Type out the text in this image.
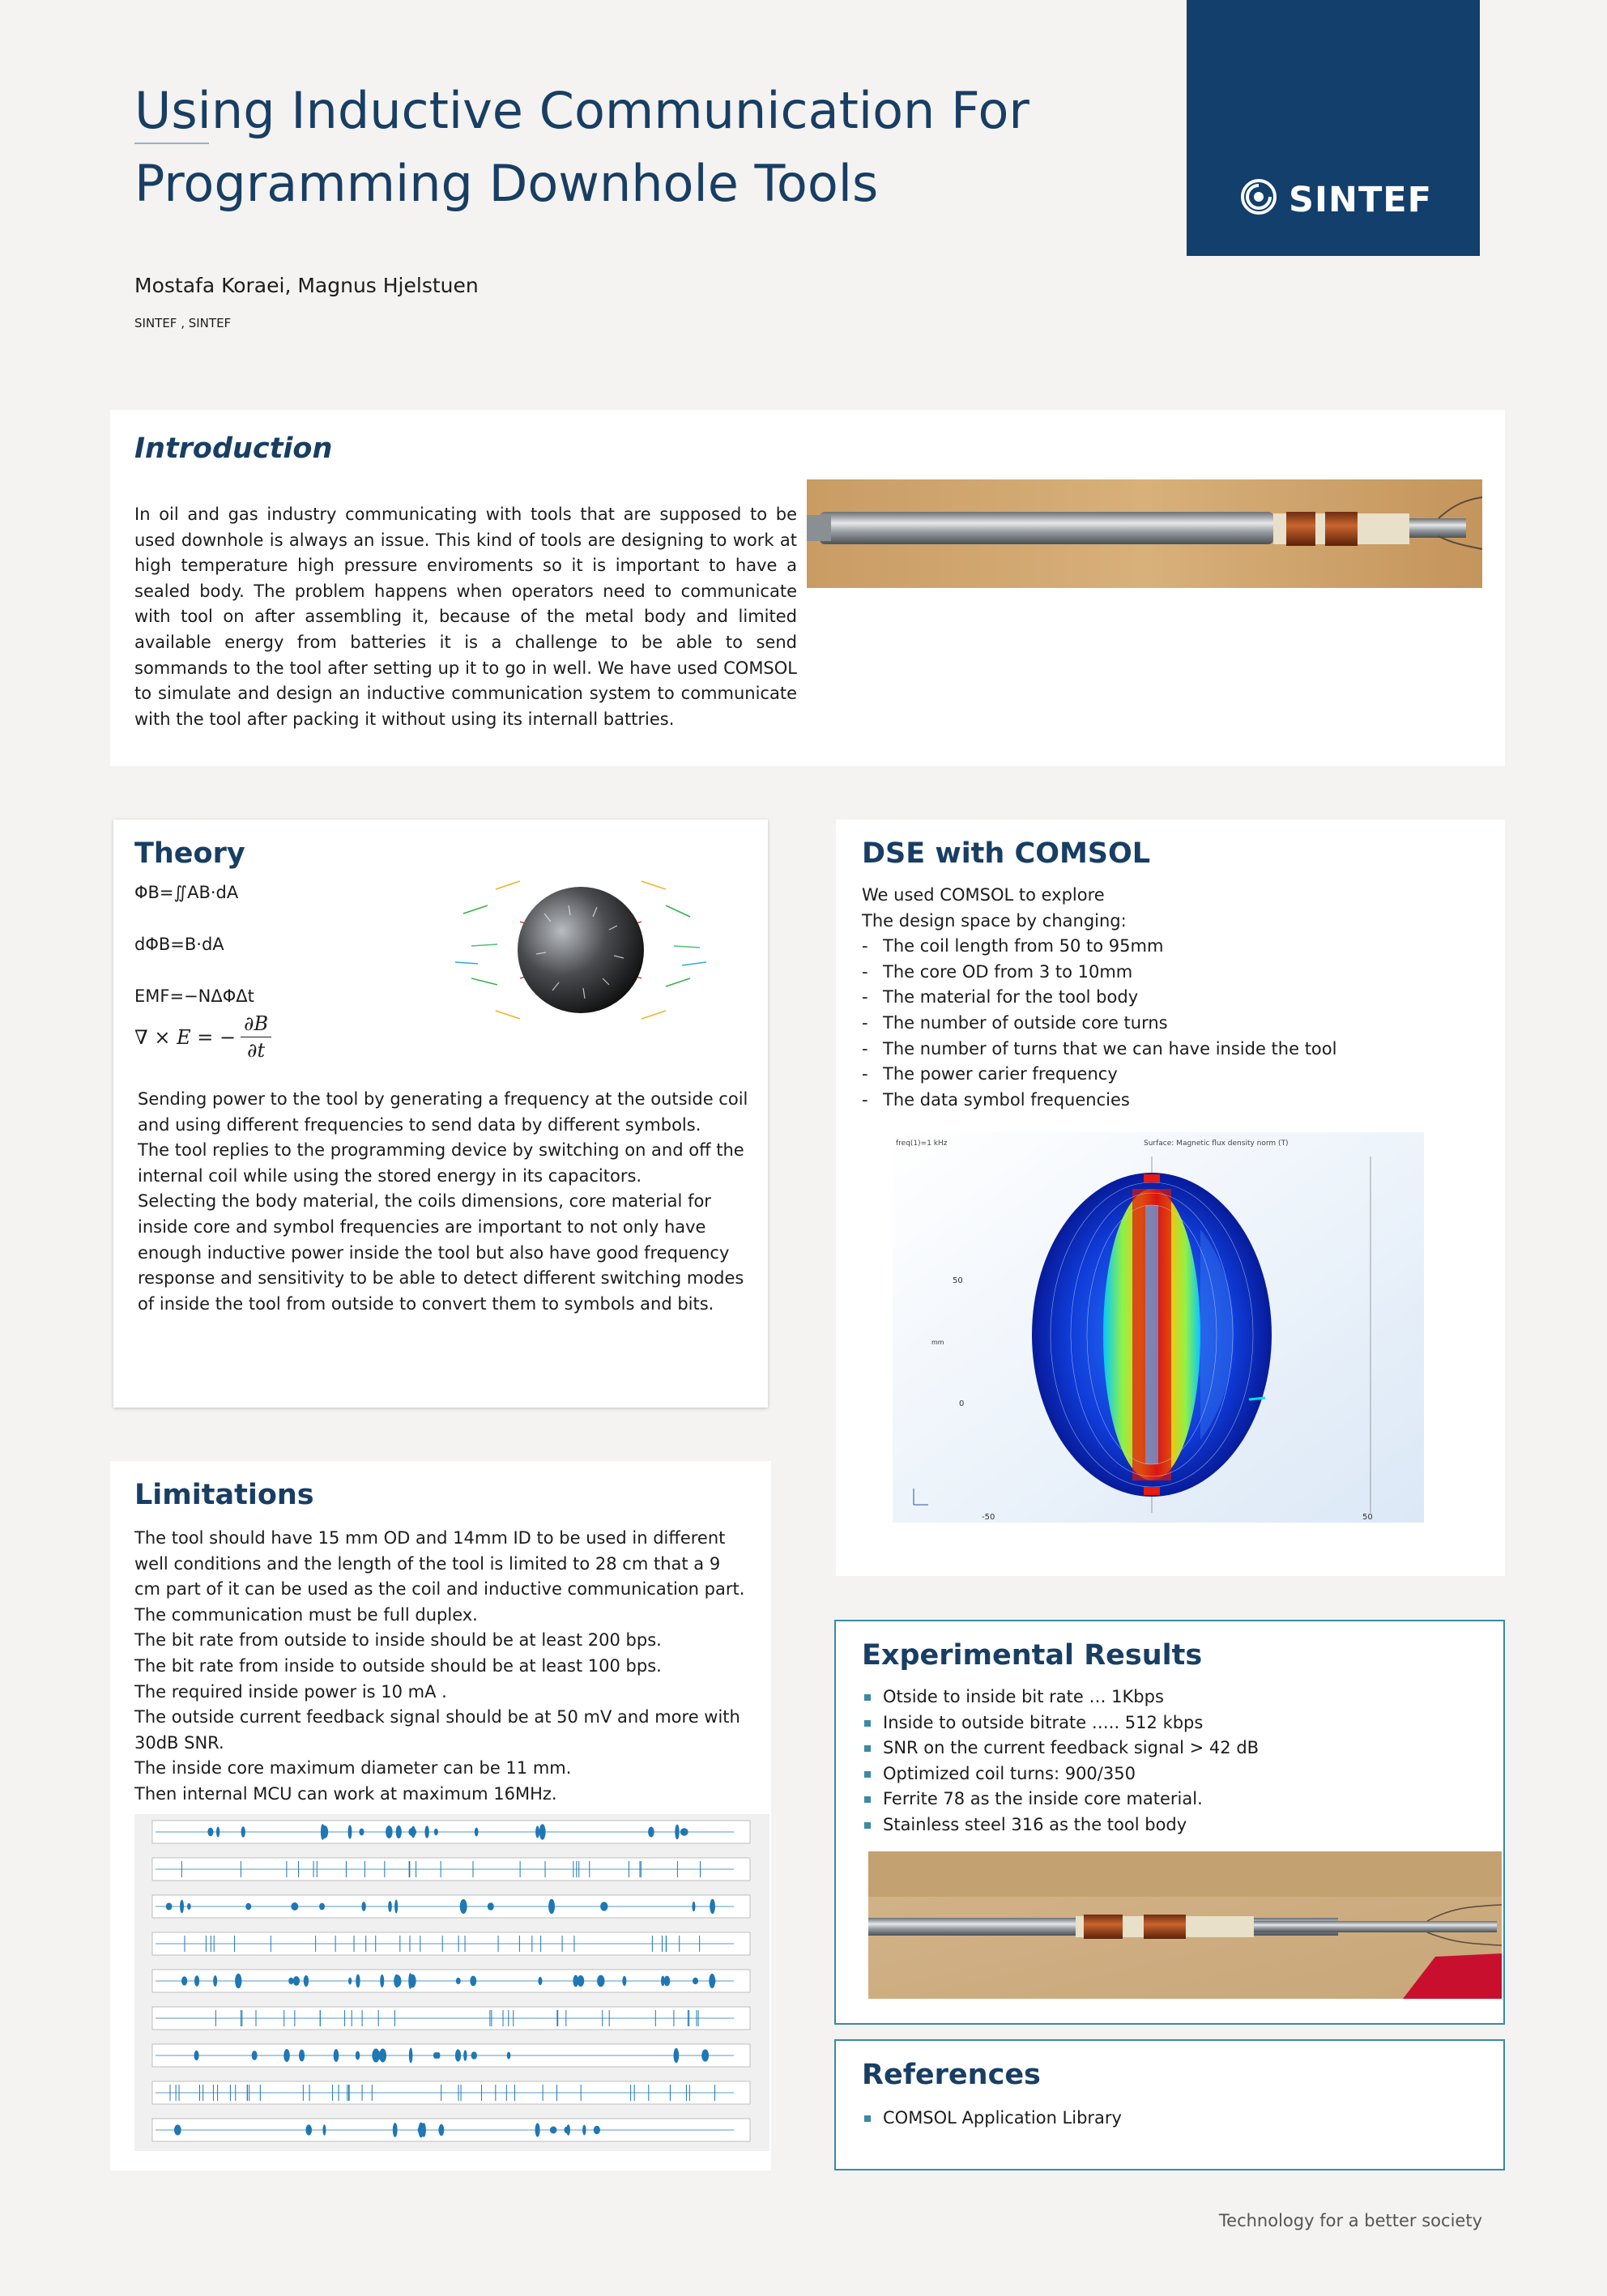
Using Inductive Communication For
Programming Downhole Tools
Mostafa Koraei, Magnus Hjelstuen
SINTEF , SINTEF
SINTEF
Introduction

In oil and gas industry communicating with tools that are supposed to be used downhole is always an issue. This kind of tools are designing to work at high temperature high pressure enviroments so it is important to have a sealed body. The problem happens when operators need to communicate with tool on after assembling it, because of the metal body and limited available energy from batteries it is a challenge to be able to send sommands to the tool after setting up it to go in well. We have used COMSOL to simulate and design an inductive communication system to communicate with the tool after packing it without using its internall battries.

Theory
ΦB=∬AB·dA
dΦB=B·dA
EMF=−NΔΦΔt
∇ × E = − $\frac{\partial B}{\partial t}$

Sending power to the tool by generating a frequency at the outside coil and using different frequencies to send data by different symbols.
The tool replies to the programming device by switching on and off the internal coil while using the stored energy in its capacitors.
Selecting the body material, the coils dimensions, core material for inside core and symbol frequencies are important to not only have enough inductive power inside the tool but also have good frequency response and sensitivity to be able to detect different switching modes of inside the tool from outside to convert them to symbols and bits.

DSE with COMSOL
We used COMSOL to explore
The design space by changing:
- The coil length from 50 to 95mm
- The core OD from 3 to 10mm
- The material for the tool body
- The number of outside core turns
- The number of turns that we can have inside the tool
- The power carier frequency
- The data symbol frequencies
freq(1)=1 kHz	Surface: Magnetic flux density norm (T)
50
mm
0
-50	50
Limitations
The tool should have 15 mm OD and 14mm ID to be used in different well conditions and the length of the tool is limited to 28 cm that a 9 cm part of it can be used as the coil and inductive communication part.
The communication must be full duplex.
The bit rate from outside to inside should be at least 200 bps.
The bit rate from inside to outside should be at least 100 bps.
The required inside power is 10 mA .
The outside current feedback signal should be at 50 mV and more with 30dB SNR.
The inside core maximum diameter can be 11 mm.
Then internal MCU can work at maximum 16MHz.
Experimental Results
Otside to inside bit rate … 1Kbps
Inside to outside bitrate ….. 512 kbps
SNR on the current feedback signal > 42 dB
Optimized coil turns: 900/350
Ferrite 78 as the inside core material.
Stainless steel 316 as the tool body
References
COMSOL Application Library
Technology for a better society
